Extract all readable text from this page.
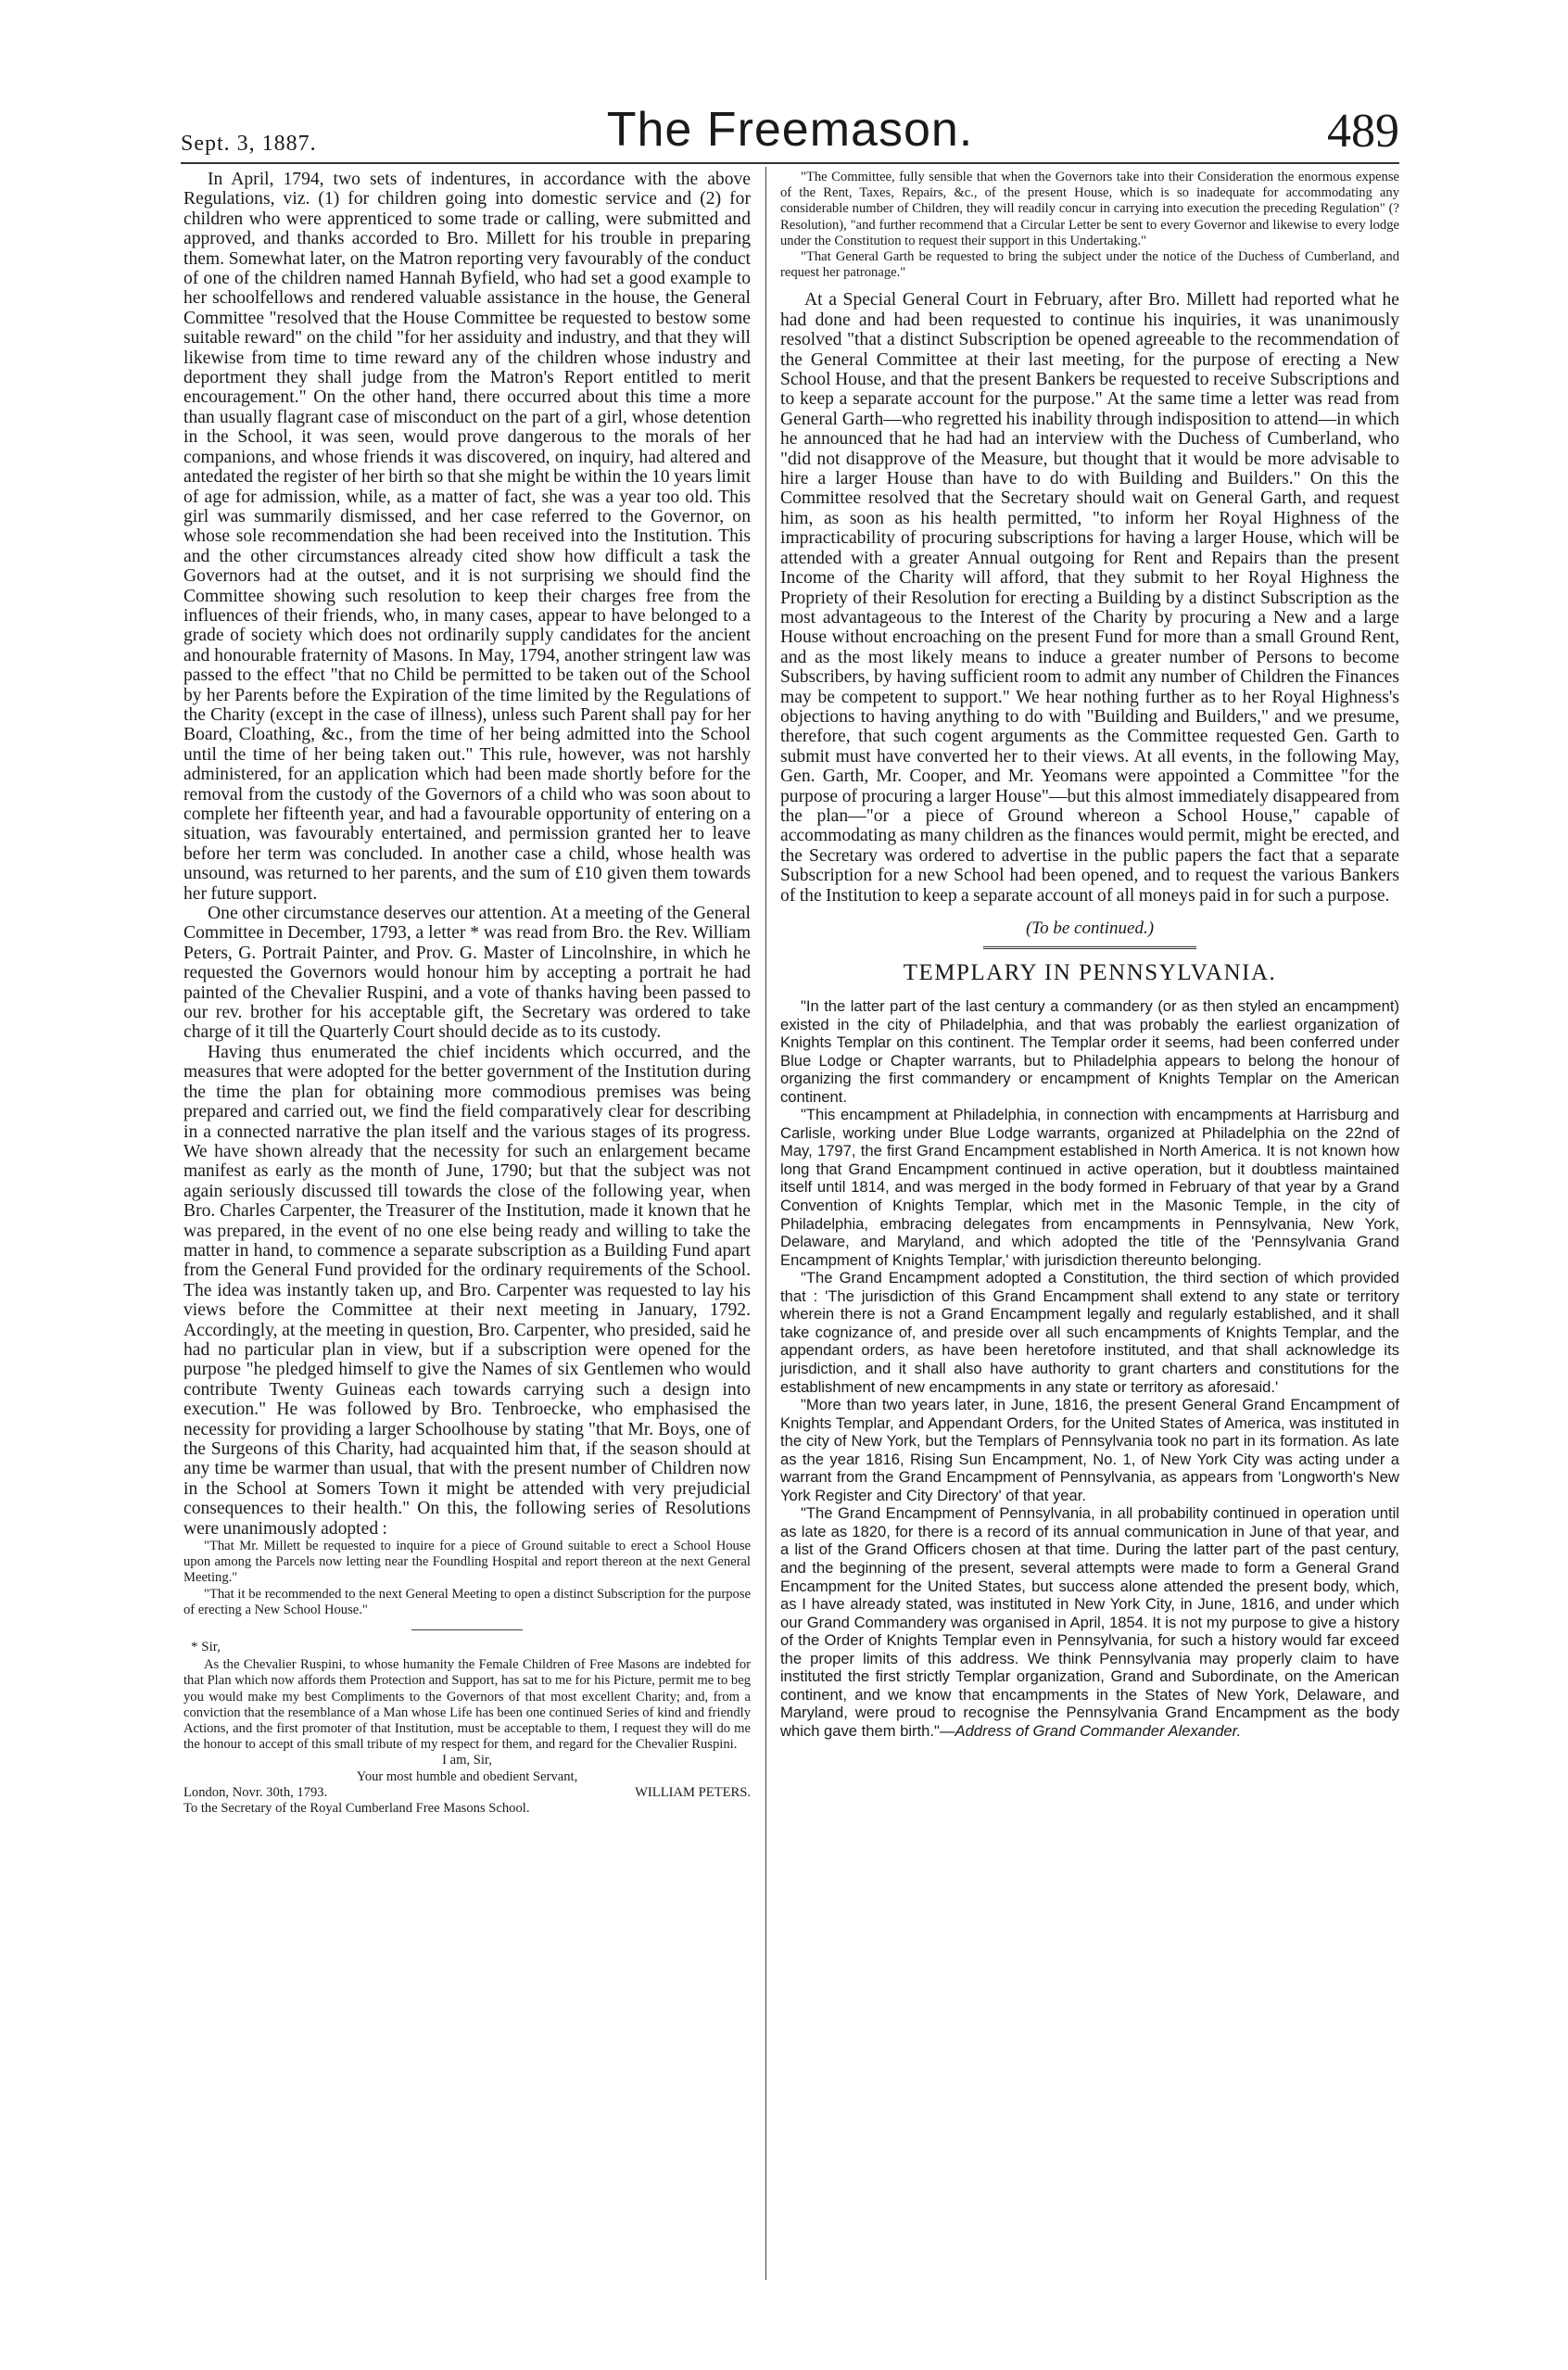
Sept. 3, 1887.	The Freemason.	489

In April, 1794, two sets of indentures, in accordance with the above Regulations, viz. (1) for children going into domestic service and (2) for children who were apprenticed to some trade or calling, were submitted and approved, and thanks accorded to Bro. Millett for his trouble in preparing them. Somewhat later, on the Matron reporting very favourably of the conduct of one of the children named Hannah Byfield, who had set a good example to her schoolfellows and rendered valuable assistance in the house, the General Committee "resolved that the House Committee be requested to bestow some suitable reward" on the child "for her assiduity and industry, and that they will likewise from time to time reward any of the children whose industry and deportment they shall judge from the Matron's Report entitled to merit encouragement." On the other hand, there occurred about this time a more than usually flagrant case of misconduct on the part of a girl, whose detention in the School, it was seen, would prove dangerous to the morals of her companions, and whose friends it was discovered, on inquiry, had altered and antedated the register of her birth so that she might be within the 10 years limit of age for admission, while, as a matter of fact, she was a year too old. This girl was summarily dismissed, and her case referred to the Governor, on whose sole recommendation she had been received into the Institution. This and the other circumstances already cited show how difficult a task the Governors had at the outset, and it is not surprising we should find the Committee showing such resolution to keep their charges free from the influences of their friends, who, in many cases, appear to have belonged to a grade of society which does not ordinarily supply candidates for the ancient and honourable fraternity of Masons. In May, 1794, another stringent law was passed to the effect "that no Child be permitted to be taken out of the School by her Parents before the Expiration of the time limited by the Regulations of the Charity (except in the case of illness), unless such Parent shall pay for her Board, Cloathing, &c., from the time of her being admitted into the School until the time of her being taken out." This rule, however, was not harshly administered, for an application which had been made shortly before for the removal from the custody of the Governors of a child who was soon about to complete her fifteenth year, and had a favourable opportunity of entering on a situation, was favourably entertained, and permission granted her to leave before her term was concluded. In another case a child, whose health was unsound, was returned to her parents, and the sum of £10 given them towards her future support.

One other circumstance deserves our attention. At a meeting of the General Committee in December, 1793, a letter * was read from Bro. the Rev. William Peters, G. Portrait Painter, and Prov. G. Master of Lincolnshire, in which he requested the Governors would honour him by accepting a portrait he had painted of the Chevalier Ruspini, and a vote of thanks having been passed to our rev. brother for his acceptable gift, the Secretary was ordered to take charge of it till the Quarterly Court should decide as to its custody.

Having thus enumerated the chief incidents which occurred, and the measures that were adopted for the better government of the Institution during the time the plan for obtaining more commodious premises was being prepared and carried out, we find the field comparatively clear for describing in a connected narrative the plan itself and the various stages of its progress. We have shown already that the necessity for such an enlargement became manifest as early as the month of June, 1790; but that the subject was not again seriously discussed till towards the close of the following year, when Bro. Charles Carpenter, the Treasurer of the Institution, made it known that he was prepared, in the event of no one else being ready and willing to take the matter in hand, to commence a separate subscription as a Building Fund apart from the General Fund provided for the ordinary requirements of the School. The idea was instantly taken up, and Bro. Carpenter was requested to lay his views before the Committee at their next meeting in January, 1792. Accordingly, at the meeting in question, Bro. Carpenter, who presided, said he had no particular plan in view, but if a subscription were opened for the purpose "he pledged himself to give the Names of six Gentlemen who would contribute Twenty Guineas each towards carrying such a design into execution." He was followed by Bro. Tenbroecke, who emphasised the necessity for providing a larger Schoolhouse by stating "that Mr. Boys, one of the Surgeons of this Charity, had acquainted him that, if the season should at any time be warmer than usual, that with the present number of Children now in the School at Somers Town it might be attended with very prejudicial consequences to their health." On this, the following series of Resolutions were unanimously adopted :

"That Mr. Millett be requested to inquire for a piece of Ground suitable to erect a School House upon among the Parcels now letting near the Foundling Hospital and report thereon at the next General Meeting."

"That it be recommended to the next General Meeting to open a distinct Subscription for the purpose of erecting a New School House."

* Sir,

As the Chevalier Ruspini, to whose humanity the Female Children of Free Masons are indebted for that Plan which now affords them Protection and Support, has sat to me for his Picture, permit me to beg you would make my best Compliments to the Governors of that most excellent Charity; and, from a conviction that the resemblance of a Man whose Life has been one continued Series of kind and friendly Actions, and the first promoter of that Institution, must be acceptable to them, I request they will do me the honour to accept of this small tribute of my respect for them, and regard for the Chevalier Ruspini.

I am, Sir,

Your most humble and obedient Servant,

London, Novr. 30th, 1793.	WILLIAM PETERS.

To the Secretary of the Royal Cumberland Free Masons School.

"The Committee, fully sensible that when the Governors take into their Consideration the enormous expense of the Rent, Taxes, Repairs, &c., of the present House, which is so inadequate for accommodating any considerable number of Children, they will readily concur in carrying into execution the preceding Regulation" (? Resolution), "and further recommend that a Circular Letter be sent to every Governor and likewise to every lodge under the Constitution to request their support in this Undertaking."

"That General Garth be requested to bring the subject under the notice of the Duchess of Cumberland, and request her patronage."

At a Special General Court in February, after Bro. Millett had reported what he had done and had been requested to continue his inquiries, it was unanimously resolved "that a distinct Subscription be opened agreeable to the recommendation of the General Committee at their last meeting, for the purpose of erecting a New School House, and that the present Bankers be requested to receive Subscriptions and to keep a separate account for the purpose." At the same time a letter was read from General Garth—who regretted his inability through indisposition to attend—in which he announced that he had had an interview with the Duchess of Cumberland, who "did not disapprove of the Measure, but thought that it would be more advisable to hire a larger House than have to do with Building and Builders." On this the Committee resolved that the Secretary should wait on General Garth, and request him, as soon as his health permitted, "to inform her Royal Highness of the impracticability of procuring subscriptions for having a larger House, which will be attended with a greater Annual outgoing for Rent and Repairs than the present Income of the Charity will afford, that they submit to her Royal Highness the Propriety of their Resolution for erecting a Building by a distinct Subscription as the most advantageous to the Interest of the Charity by procuring a New and a large House without encroaching on the present Fund for more than a small Ground Rent, and as the most likely means to induce a greater number of Persons to become Subscribers, by having sufficient room to admit any number of Children the Finances may be competent to support." We hear nothing further as to her Royal Highness's objections to having anything to do with "Building and Builders," and we presume, therefore, that such cogent arguments as the Committee requested Gen. Garth to submit must have converted her to their views. At all events, in the following May, Gen. Garth, Mr. Cooper, and Mr. Yeomans were appointed a Committee "for the purpose of procuring a larger House"—but this almost immediately disappeared from the plan—"or a piece of Ground whereon a School House," capable of accommodating as many children as the finances would permit, might be erected, and the Secretary was ordered to advertise in the public papers the fact that a separate Subscription for a new School had been opened, and to request the various Bankers of the Institution to keep a separate account of all moneys paid in for such a purpose.

(To be continued.)
TEMPLARY IN PENNSYLVANIA.

"In the latter part of the last century a commandery (or as then styled an encampment) existed in the city of Philadelphia, and that was probably the earliest organization of Knights Templar on this continent. The Templar order it seems, had been conferred under Blue Lodge or Chapter warrants, but to Philadelphia appears to belong the honour of organizing the first commandery or encampment of Knights Templar on the American continent.

"This encampment at Philadelphia, in connection with encampments at Harrisburg and Carlisle, working under Blue Lodge warrants, organized at Philadelphia on the 22nd of May, 1797, the first Grand Encampment established in North America. It is not known how long that Grand Encampment continued in active operation, but it doubtless maintained itself until 1814, and was merged in the body formed in February of that year by a Grand Convention of Knights Templar, which met in the Masonic Temple, in the city of Philadelphia, embracing delegates from encampments in Pennsylvania, New York, Delaware, and Maryland, and which adopted the title of the 'Pennsylvania Grand Encampment of Knights Templar,' with jurisdiction thereunto belonging.

"The Grand Encampment adopted a Constitution, the third section of which provided that : 'The jurisdiction of this Grand Encampment shall extend to any state or territory wherein there is not a Grand Encampment legally and regularly established, and it shall take cognizance of, and preside over all such encampments of Knights Templar, and the appendant orders, as have been heretofore instituted, and that shall acknowledge its jurisdiction, and it shall also have authority to grant charters and constitutions for the establishment of new encampments in any state or territory as aforesaid.'

"More than two years later, in June, 1816, the present General Grand Encampment of Knights Templar, and Appendant Orders, for the United States of America, was instituted in the city of New York, but the Templars of Pennsylvania took no part in its formation. As late as the year 1816, Rising Sun Encampment, No. 1, of New York City was acting under a warrant from the Grand Encampment of Pennsylvania, as appears from 'Longworth's New York Register and City Directory' of that year.

"The Grand Encampment of Pennsylvania, in all probability continued in operation until as late as 1820, for there is a record of its annual communication in June of that year, and a list of the Grand Officers chosen at that time. During the latter part of the past century, and the beginning of the present, several attempts were made to form a General Grand Encampment for the United States, but success alone attended the present body, which, as I have already stated, was instituted in New York City, in June, 1816, and under which our Grand Commandery was organised in April, 1854. It is not my purpose to give a history of the Order of Knights Templar even in Pennsylvania, for such a history would far exceed the proper limits of this address. We think Pennsylvania may properly claim to have instituted the first strictly Templar organization, Grand and Subordinate, on the American continent, and we know that encampments in the States of New York, Delaware, and Maryland, were proud to recognise the Pennsylvania Grand Encampment as the body which gave them birth."—Address of Grand Commander Alexander.
